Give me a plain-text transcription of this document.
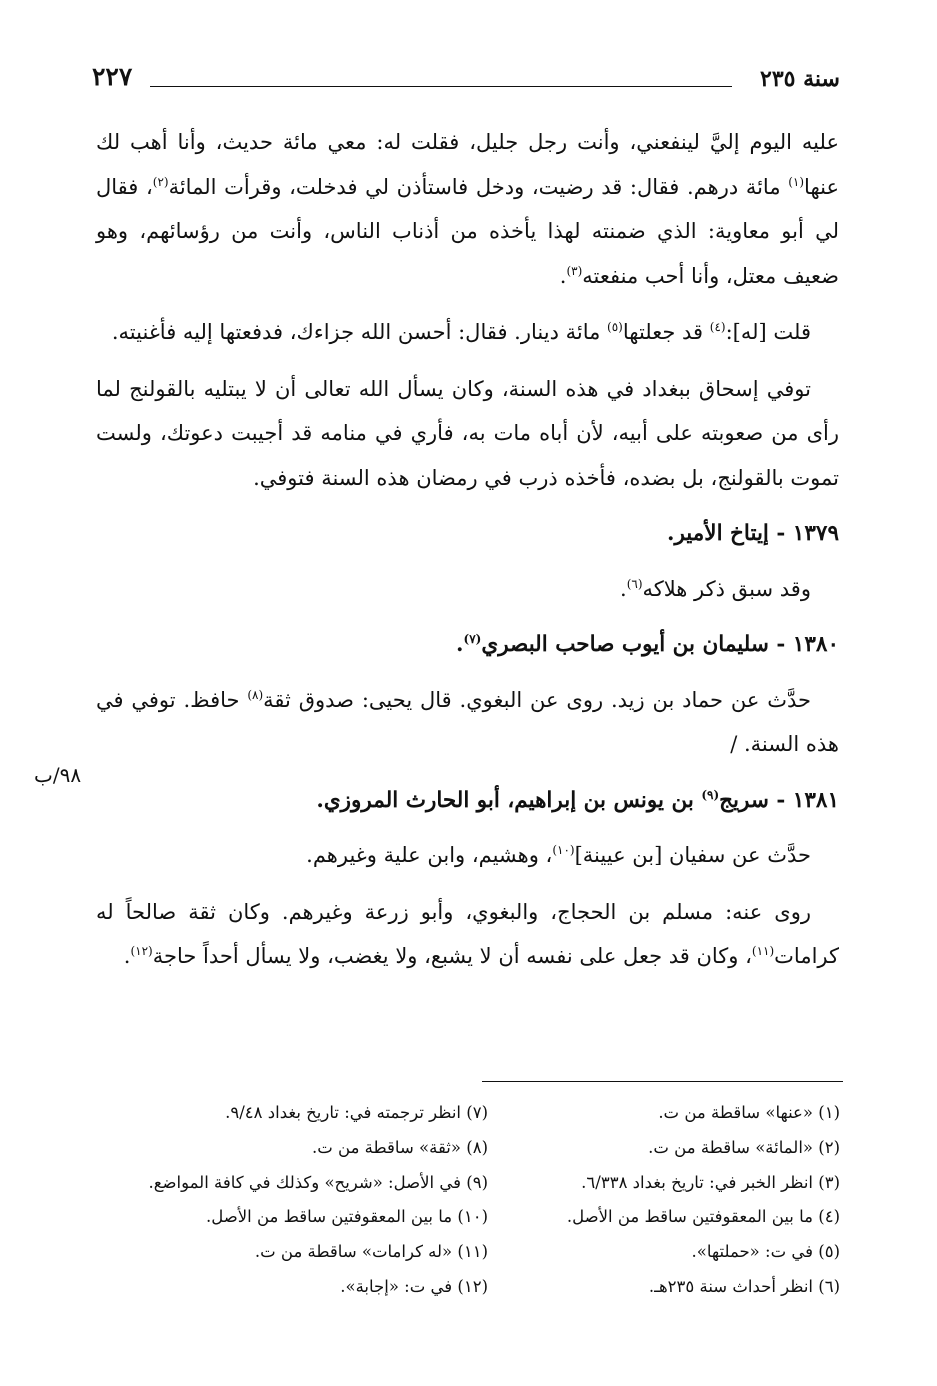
٢٢٧	سنة ٢٣٥

عليه اليوم إليَّ لينفعني، وأنت رجل جليل، فقلت له: معي مائة حديث، وأنا أهب لك عنها$^{(١)}$ مائة درهم. فقال: قد رضيت، ودخل فاستأذن لي فدخلت، وقرأت المائة$^{(٢)}$، فقال لي أبو معاوية: الذي ضمنته لهذا يأخذه من أذناب الناس، وأنت من رؤسائهم، وهو ضعيف معتل، وأنا أحب منفعته$^{(٣)}$.

قلت [له]:$^{(٤)}$ قد جعلتها$^{(٥)}$ مائة دينار. فقال: أحسن الله جزاءك، فدفعتها إليه فأغنيته.

توفي إسحاق ببغداد في هذه السنة، وكان يسأل الله تعالى أن لا يبتليه بالقولنج لما رأى من صعوبته على أبيه، لأن أباه مات به، فأري في منامه قد أجيبت دعوتك، ولست تموت بالقولنج، بل بضده، فأخذه ذرب في رمضان هذه السنة فتوفي.

١٣٧٩ - إيتاخ الأمير.

وقد سبق ذكر هلاكه$^{(٦)}$.

١٣٨٠ - سليمان بن أيوب صاحب البصري$^{(٧)}$.

حدَّث عن حماد بن زيد. روى عن البغوي. قال يحيى: صدوق ثقة$^{(٨)}$ حافظ. توفي في هذه السنة. /

١٣٨١ - سريج$^{(٩)}$ بن يونس بن إبراهيم، أبو الحارث المروزي.

حدَّث عن سفيان [بن عيينة]$^{(١٠)}$، وهشيم، وابن علية وغيرهم.

روى عنه: مسلم بن الحجاج، والبغوي، وأبو زرعة وغيرهم. وكان ثقة صالحاً له كرامات$^{(١١)}$، وكان قد جعل على نفسه أن لا يشبع، ولا يغضب، ولا يسأل أحداً حاجة$^{(١٢)}$.

٩٨/ب
(١) «عنها» ساقطة من ت.
(٢) «المائة» ساقطة من ت.
(٣) انظر الخبر في: تاريخ بغداد ٦/٣٣٨.
(٤) ما بين المعقوفتين ساقط من الأصل.
(٥) في ت: «حملتها».
(٦) انظر أحداث سنة ٢٣٥هـ.
(٧) انظر ترجمته في: تاريخ بغداد ٩/٤٨.
(٨) «ثقة» ساقطة من ت.
(٩) في الأصل: «شريح» وكذلك في كافة المواضع.
(١٠) ما بين المعقوفتين ساقط من الأصل.
(١١) «له كرامات» ساقطة من ت.
(١٢) في ت: «إجابة».
